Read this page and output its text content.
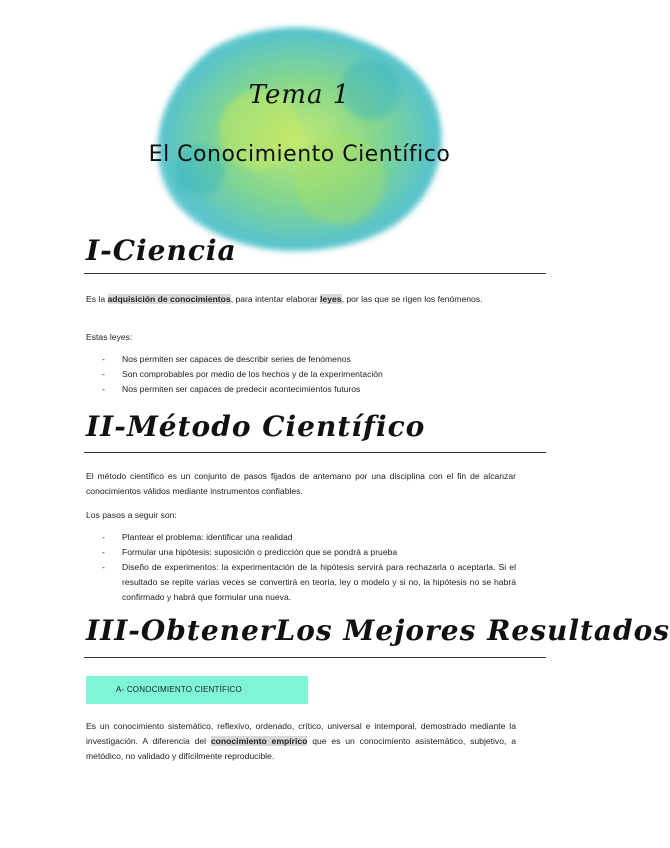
Tema 1
El Conocimiento Científico
I-Ciencia
Es la adquisición de conocimientos, para intentar elaborar leyes, por las que se rigen los fenómenos.
Estas leyes:
- Nos permiten ser capaces de describir series de fenómenos
- Son comprobables por medio de los hechos y de la experimentación
- Nos permiten ser capaces de predecir acontecimientos futuros
II-Método Científico
El método científico es un conjunto de pasos fijados de antemano por una disciplina con el fin de alcanzar conocimientos válidos mediante instrumentos confiables.
Los pasos a seguir son:
- Plantear el problema: identificar una realidad
- Formular una hipótesis: suposición o predicción que se pondrá a prueba
- Diseño de experimentos: la experimentación de la hipótesis servirá para rechazarla o aceptarla. Si el resultado se repite varias veces se convertirá en teoría, ley o modelo y si no, la hipótesis no se habrá confirmado y habrá que formular una nueva.
III-ObtenerLos Mejores Resultados
A- CONOCIMIENTO CIENTÍFICO
Es un conocimiento sistemático, reflexivo, ordenado, crítico, universal e intemporal, demostrado mediante la investigación. A diferencia del conocimiento empírico que es un conocimiento asistemático, subjetivo, a metódico, no validado y difícilmente reproducible.
